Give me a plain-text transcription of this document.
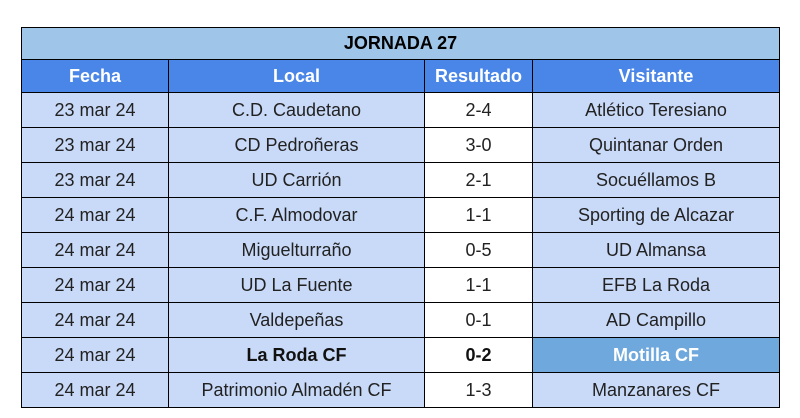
JORNADA 27			
Fecha	Local	Resultado	Visitante
23 mar 24	C.D. Caudetano	2-4	Atlético Teresiano
23 mar 24	CD Pedroñeras	3-0	Quintanar Orden
23 mar 24	UD Carrión	2-1	Socuéllamos B
24 mar 24	C.F. Almodovar	1-1	Sporting de Alcazar
24 mar 24	Miguelturraño	0-5	UD Almansa
24 mar 24	UD La Fuente	1-1	EFB La Roda
24 mar 24	Valdepeñas	0-1	AD Campillo
24 mar 24	La Roda CF	0-2	Motilla CF
24 mar 24	Patrimonio Almadén CF	1-3	Manzanares CF
